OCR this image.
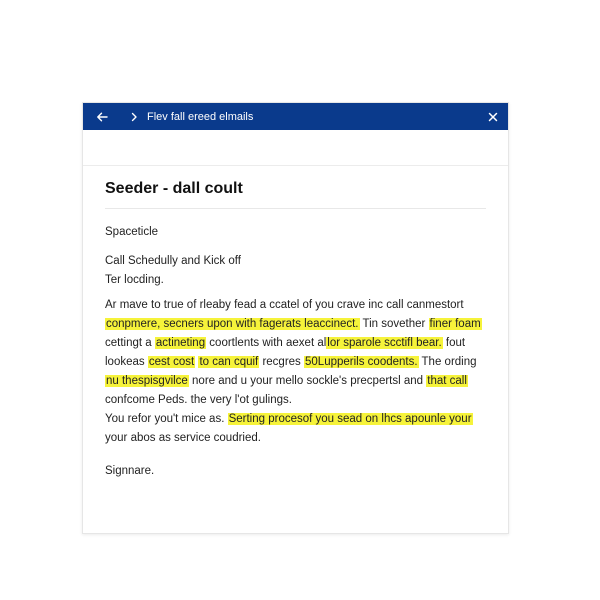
Flev fall ereed elmails
Seeder - dall coult
Spaceticle
Call Schedully and Kick off
Ter locding.
Ar mave to true of rleaby fead a ccatel of you crave inc call canmestort
conpmere, secners upon with fagerats leaccinect. Tin sovether finer foam
cettingt a actineting coortlents with aexet allor sparole scctifl bear. fout
lookeas cest cost to can cquif recgres 50Lupperils coodents. The ording
nu thespisgvilce nore and u your mello sockle's precpertsl and that call
confcome Peds. the very l'ot gulings.
You refor you't mice as. Serting procesof you sead on lhcs apounle your
your abos as service coudried.
Signnare.
